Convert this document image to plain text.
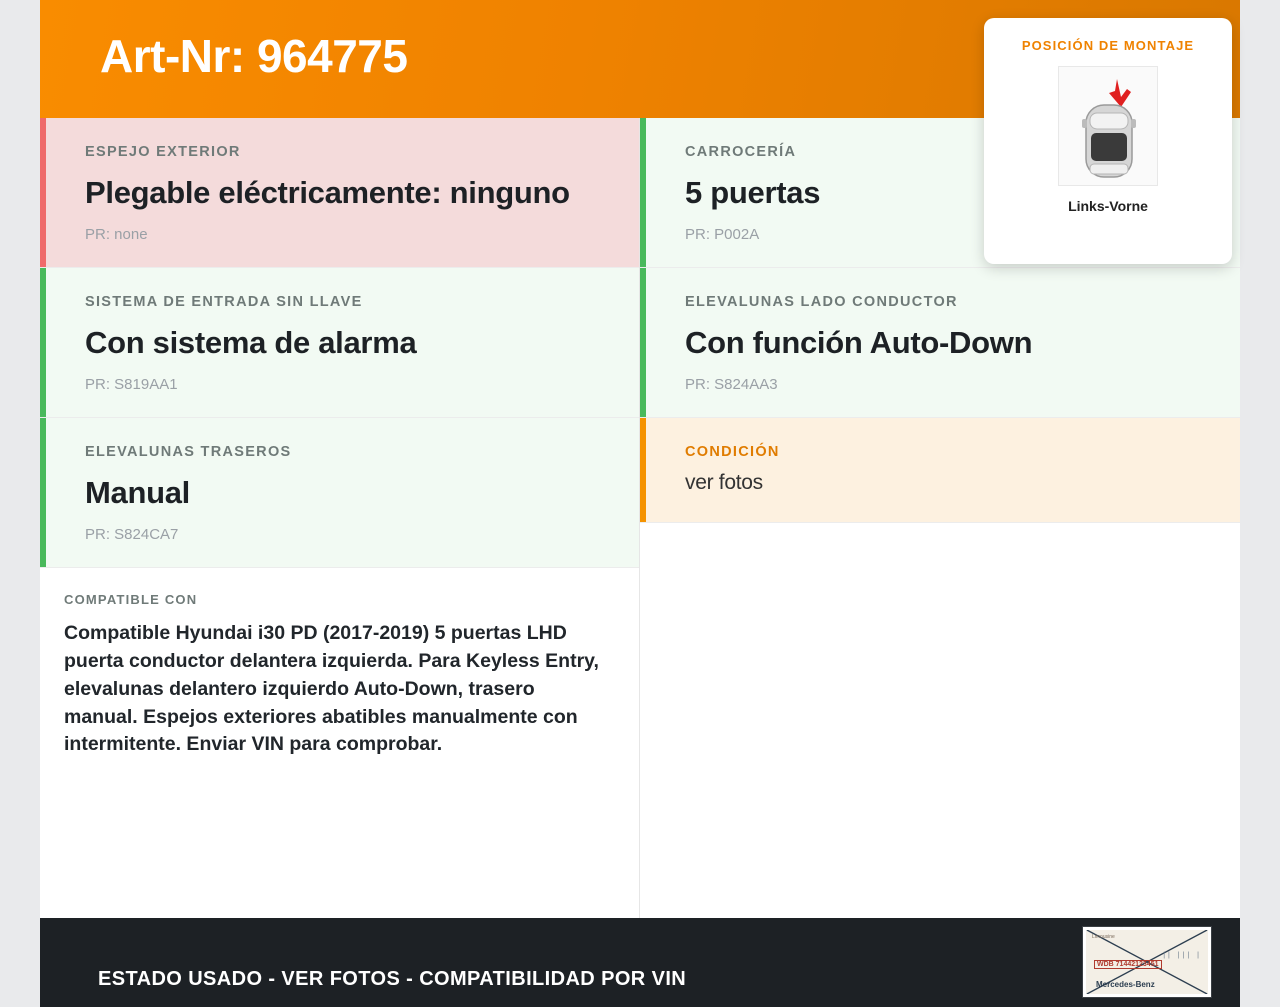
Art-Nr: 964775	POSICIÓN DE MONTAJE
Links-Vorne
ESPEJO EXTERIOR
Plegable eléctricamente: ninguno
PR: none
SISTEMA DE ENTRADA SIN LLAVE
Con sistema de alarma
PR: S819AA1
ELEVALUNAS TRASEROS
Manual
PR: S824CA7
COMPATIBLE CON
Compatible Hyundai i30 PD (2017-2019) 5 puertas LHD puerta conductor delantera izquierda. Para Keyless Entry, elevalunas delantero izquierdo Auto-Down, trasero manual. Espejos exteriores abatibles manualmente con intermitente. Enviar VIN para comprobar.
CARROCERÍA
5 puertas
PR: P002A
ELEVALUNAS LADO CONDUCTOR
Con función Auto-Down
PR: S824AA3
CONDICIÓN
ver fotos
ESTADO USADO - VER FOTOS - COMPATIBILIDAD POR VIN
Limousine
WDB 71442123451
|| ||| |
Mercedes-Benz
